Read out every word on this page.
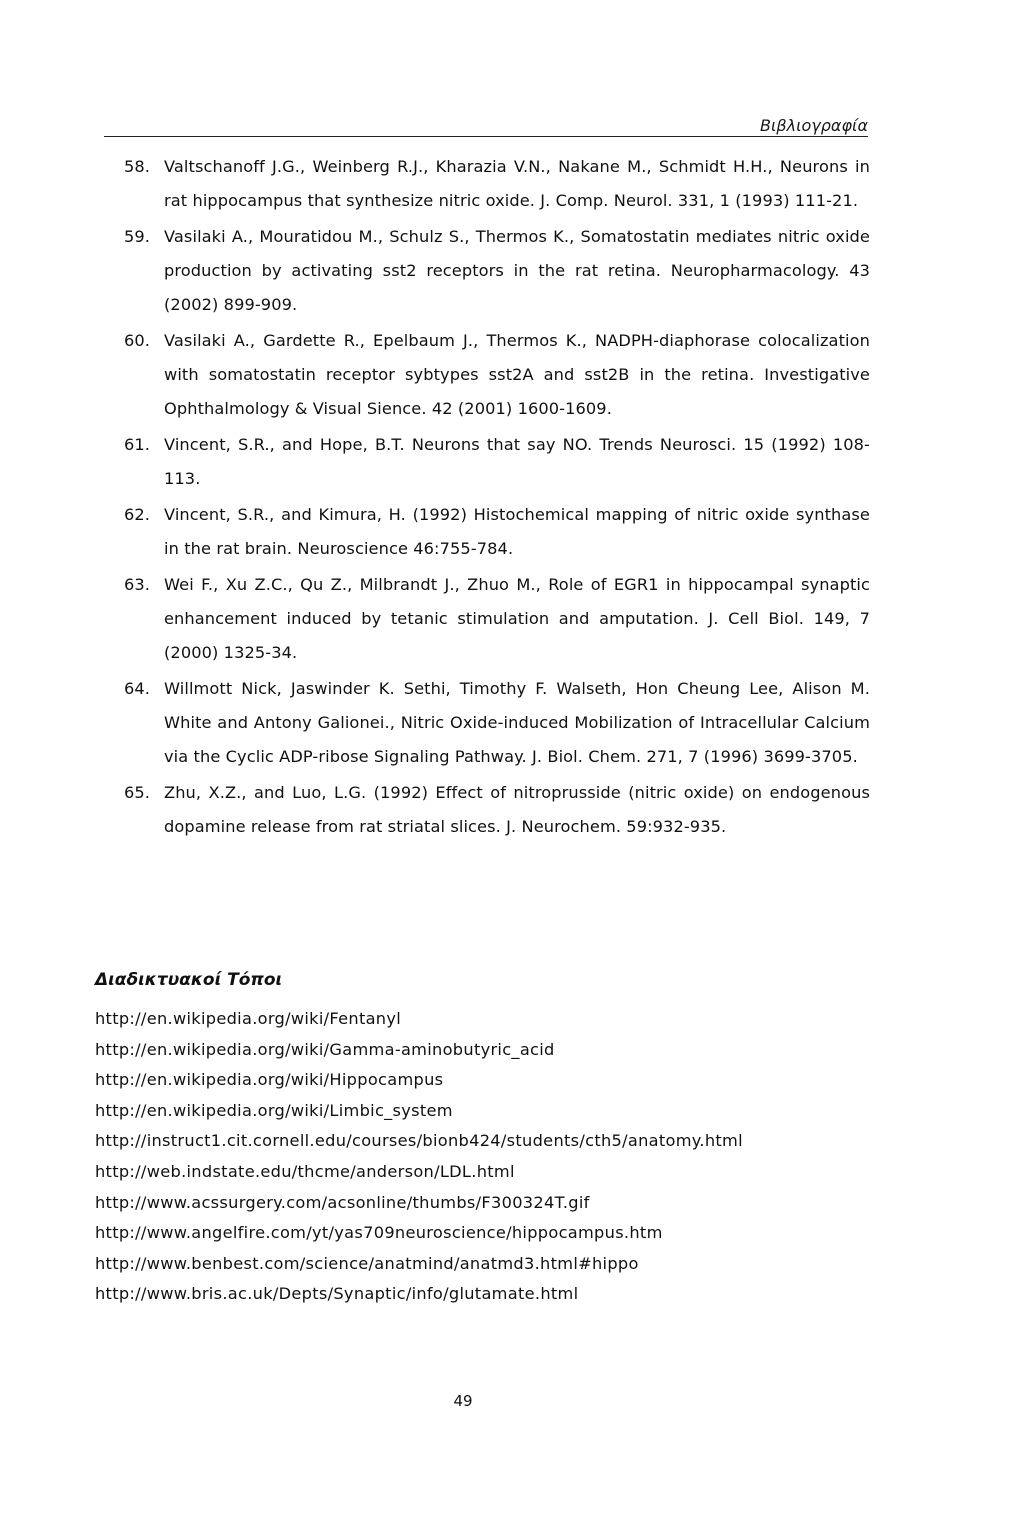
Βιβλιογραφία
58. Valtschanoff J.G., Weinberg R.J., Kharazia V.N., Nakane M., Schmidt H.H., Neurons in rat hippocampus that synthesize nitric oxide. J. Comp. Neurol. 331, 1 (1993) 111-21.
59. Vasilaki A., Mouratidou M., Schulz S., Thermos K., Somatostatin mediates nitric oxide production by activating sst2 receptors in the rat retina. Neuropharmacology. 43 (2002) 899-909.
60. Vasilaki A., Gardette R., Epelbaum J., Thermos K., NADPH-diaphorase colocalization with somatostatin receptor sybtypes sst2A and sst2B in the retina. Investigative Ophthalmology & Visual Sience. 42 (2001) 1600-1609.
61. Vincent, S.R., and Hope, B.T. Neurons that say NO. Trends Neurosci. 15 (1992) 108-113.
62. Vincent, S.R., and Kimura, H. (1992) Histochemical mapping of nitric oxide synthase in the rat brain. Neuroscience 46:755-784.
63. Wei F., Xu Z.C., Qu Z., Milbrandt J., Zhuo M., Role of EGR1 in hippocampal synaptic enhancement induced by tetanic stimulation and amputation. J. Cell Biol. 149, 7 (2000) 1325-34.
64. Willmott Nick, Jaswinder K. Sethi, Timothy F. Walseth, Hon Cheung Lee, Alison M. White and Antony Galionei., Nitric Oxide-induced Mobilization of Intracellular Calcium via the Cyclic ADP-ribose Signaling Pathway. J. Biol. Chem. 271, 7 (1996) 3699-3705.
65. Zhu, X.Z., and Luo, L.G. (1992) Effect of nitroprusside (nitric oxide) on endogenous dopamine release from rat striatal slices. J. Neurochem. 59:932-935.
Διαδικτυακοί Τόποι
http://en.wikipedia.org/wiki/Fentanyl
http://en.wikipedia.org/wiki/Gamma-aminobutyric_acid
http://en.wikipedia.org/wiki/Hippocampus
http://en.wikipedia.org/wiki/Limbic_system
http://instruct1.cit.cornell.edu/courses/bionb424/students/cth5/anatomy.html
http://web.indstate.edu/thcme/anderson/LDL.html
http://www.acssurgery.com/acsonline/thumbs/F300324T.gif
http://www.angelfire.com/yt/yas709neuroscience/hippocampus.htm
http://www.benbest.com/science/anatmind/anatmd3.html#hippo
http://www.bris.ac.uk/Depts/Synaptic/info/glutamate.html
49
